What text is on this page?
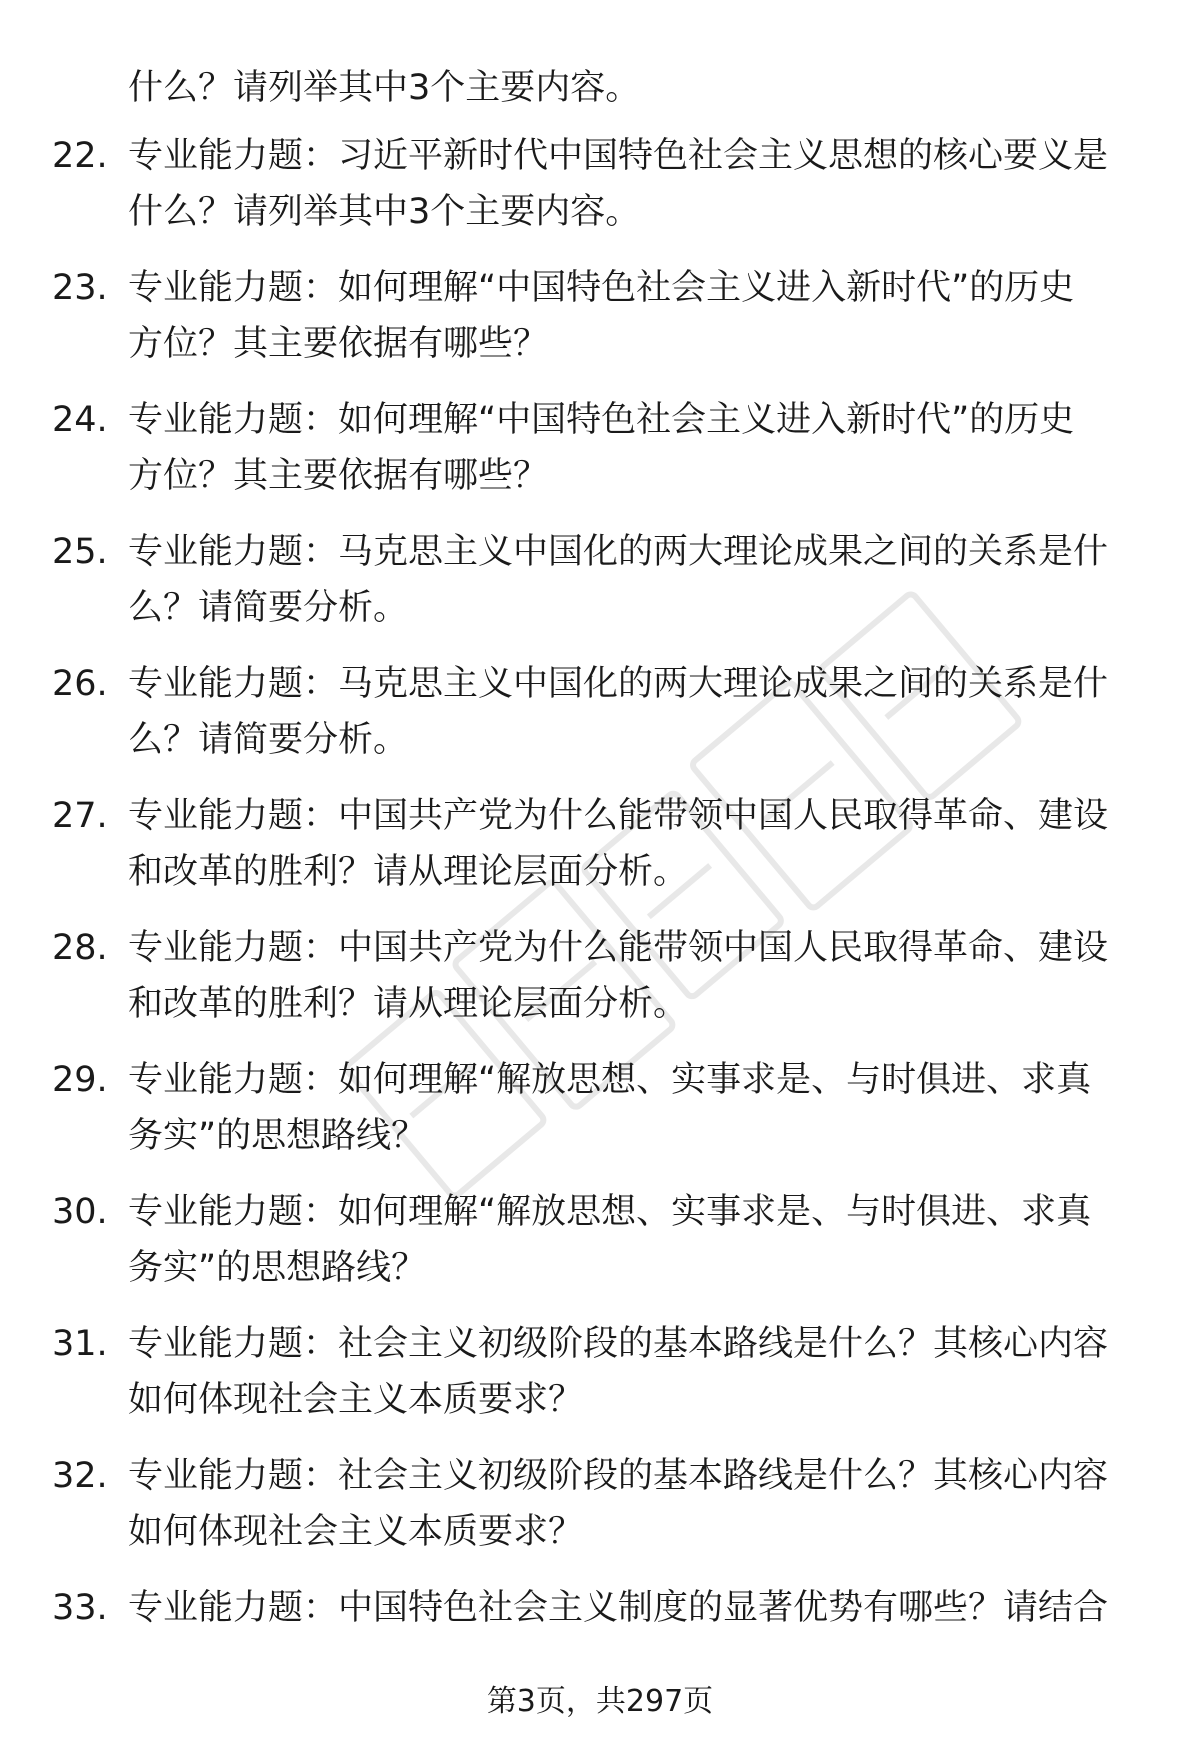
什么？请列举其中3个主要内容。
22. 专业能力题：习近平新时代中国特色社会主义思想的核心要义是
什么？请列举其中3个主要内容。
23. 专业能力题：如何理解“中国特色社会主义进入新时代”的历史
方位？其主要依据有哪些？
24. 专业能力题：如何理解“中国特色社会主义进入新时代”的历史
方位？其主要依据有哪些？
25. 专业能力题：马克思主义中国化的两大理论成果之间的关系是什
么？请简要分析。
26. 专业能力题：马克思主义中国化的两大理论成果之间的关系是什
么？请简要分析。
27. 专业能力题：中国共产党为什么能带领中国人民取得革命、建设
和改革的胜利？请从理论层面分析。
28. 专业能力题：中国共产党为什么能带领中国人民取得革命、建设
和改革的胜利？请从理论层面分析。
29. 专业能力题：如何理解“解放思想、实事求是、与时俱进、求真
务实”的思想路线？
30. 专业能力题：如何理解“解放思想、实事求是、与时俱进、求真
务实”的思想路线？
31. 专业能力题：社会主义初级阶段的基本路线是什么？其核心内容
如何体现社会主义本质要求？
32. 专业能力题：社会主义初级阶段的基本路线是什么？其核心内容
如何体现社会主义本质要求？
33. 专业能力题：中国特色社会主义制度的显著优势有哪些？请结合
第3页，共297页
